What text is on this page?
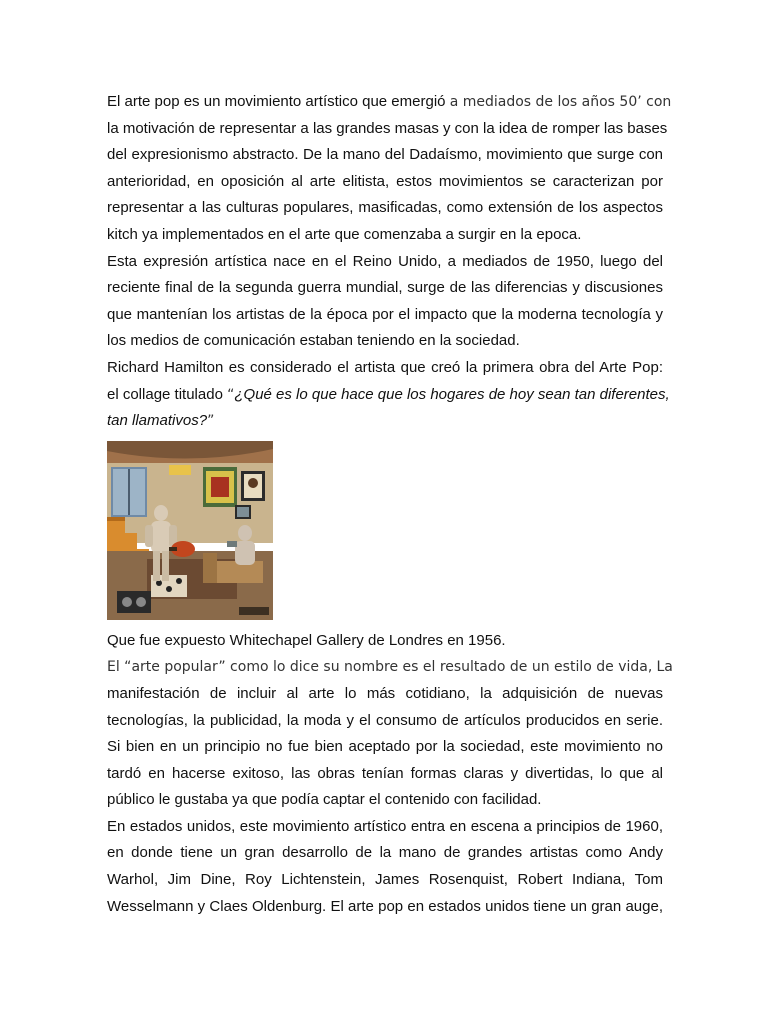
El arte pop es un movimiento artístico que emergió a mediados de los años 50’ con
la motivación de representar a las grandes masas y con la idea de romper las bases
del expresionismo abstracto. De la mano del Dadaísmo, movimiento que surge con
anterioridad, en oposición al arte elitista, estos movimientos se caracterizan por
representar a las culturas populares, masificadas, como extensión de los aspectos
kitch ya implementados en el arte que comenzaba a surgir en la epoca.
Esta expresión artística nace en el Reino Unido, a mediados de 1950, luego del
reciente final de la segunda guerra mundial, surge de las diferencias y discusiones
que mantenían los artistas de la época por el impacto que la moderna tecnología y
los medios de comunicación estaban teniendo en la sociedad.
Richard Hamilton es considerado el artista que creó la primera obra del Arte Pop:
el collage titulado “¿Qué es lo que hace que los hogares de hoy sean tan diferentes,
tan llamativos?”
Que fue expuesto Whitechapel Gallery de Londres en 1956.
El “arte popular” como lo dice su nombre es el resultado de un estilo de vida, La
manifestación de incluir al arte lo más cotidiano, la adquisición de nuevas
tecnologías, la publicidad, la moda y el consumo de artículos producidos en serie.
Si bien en un principio no fue bien aceptado por la sociedad, este movimiento no
tardó en hacerse exitoso, las obras tenían formas claras y divertidas, lo que al
público le gustaba ya que podía captar el contenido con facilidad.
En estados unidos, este movimiento artístico entra en escena a principios de 1960,
en donde tiene un gran desarrollo de la mano de grandes artistas como Andy
Warhol, Jim Dine, Roy Lichtenstein, James Rosenquist, Robert Indiana, Tom
Wesselmann y Claes Oldenburg. El arte pop en estados unidos tiene un gran auge,
